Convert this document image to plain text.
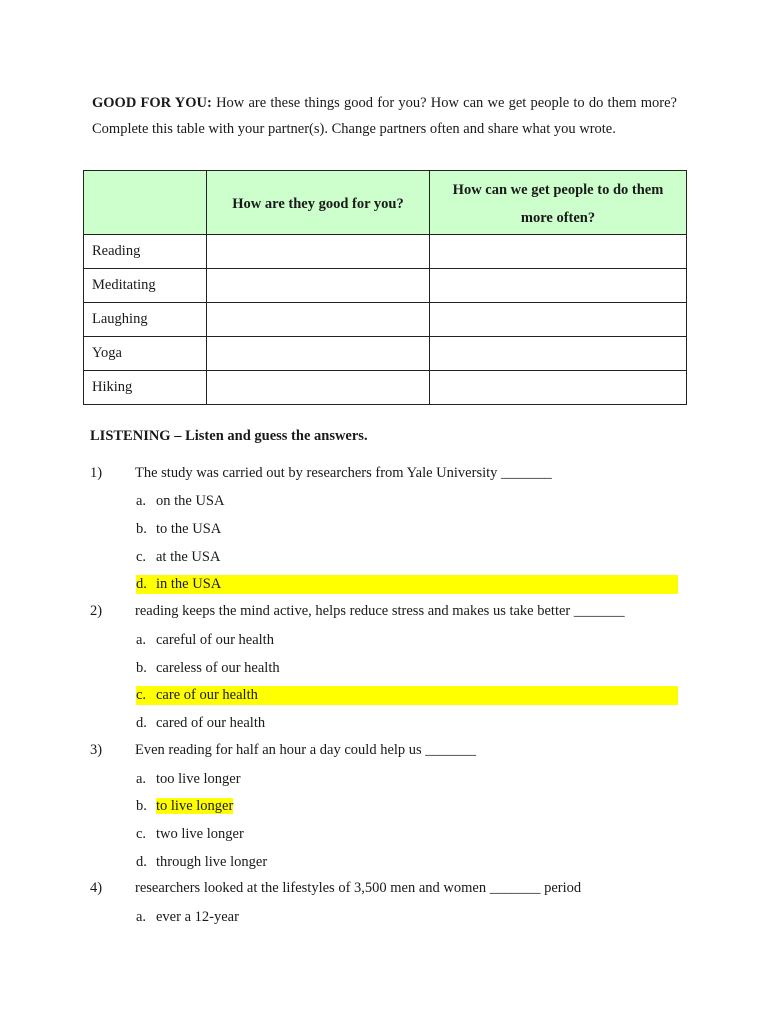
GOOD FOR YOU: How are these things good for you? How can we get people to do them more? Complete this table with your partner(s). Change partners often and share what you wrote.
	How are they good for you?	How can we get people to do them more often?
Reading		
Meditating		
Laughing		
Yoga		
Hiking		
LISTENING – Listen and guess the answers.
1) The study was carried out by researchers from Yale University _______
a. on the USA
b. to the USA
c. at the USA
d. in the USA
2) reading keeps the mind active, helps reduce stress and makes us take better _______
a. careful of our health
b. careless of our health
c. care of our health
d. cared of our health
3) Even reading for half an hour a day could help us _______
a. too live longer
b. to live longer
c. two live longer
d. through live longer
4) researchers looked at the lifestyles of 3,500 men and women _______ period
a. ever a 12-year
